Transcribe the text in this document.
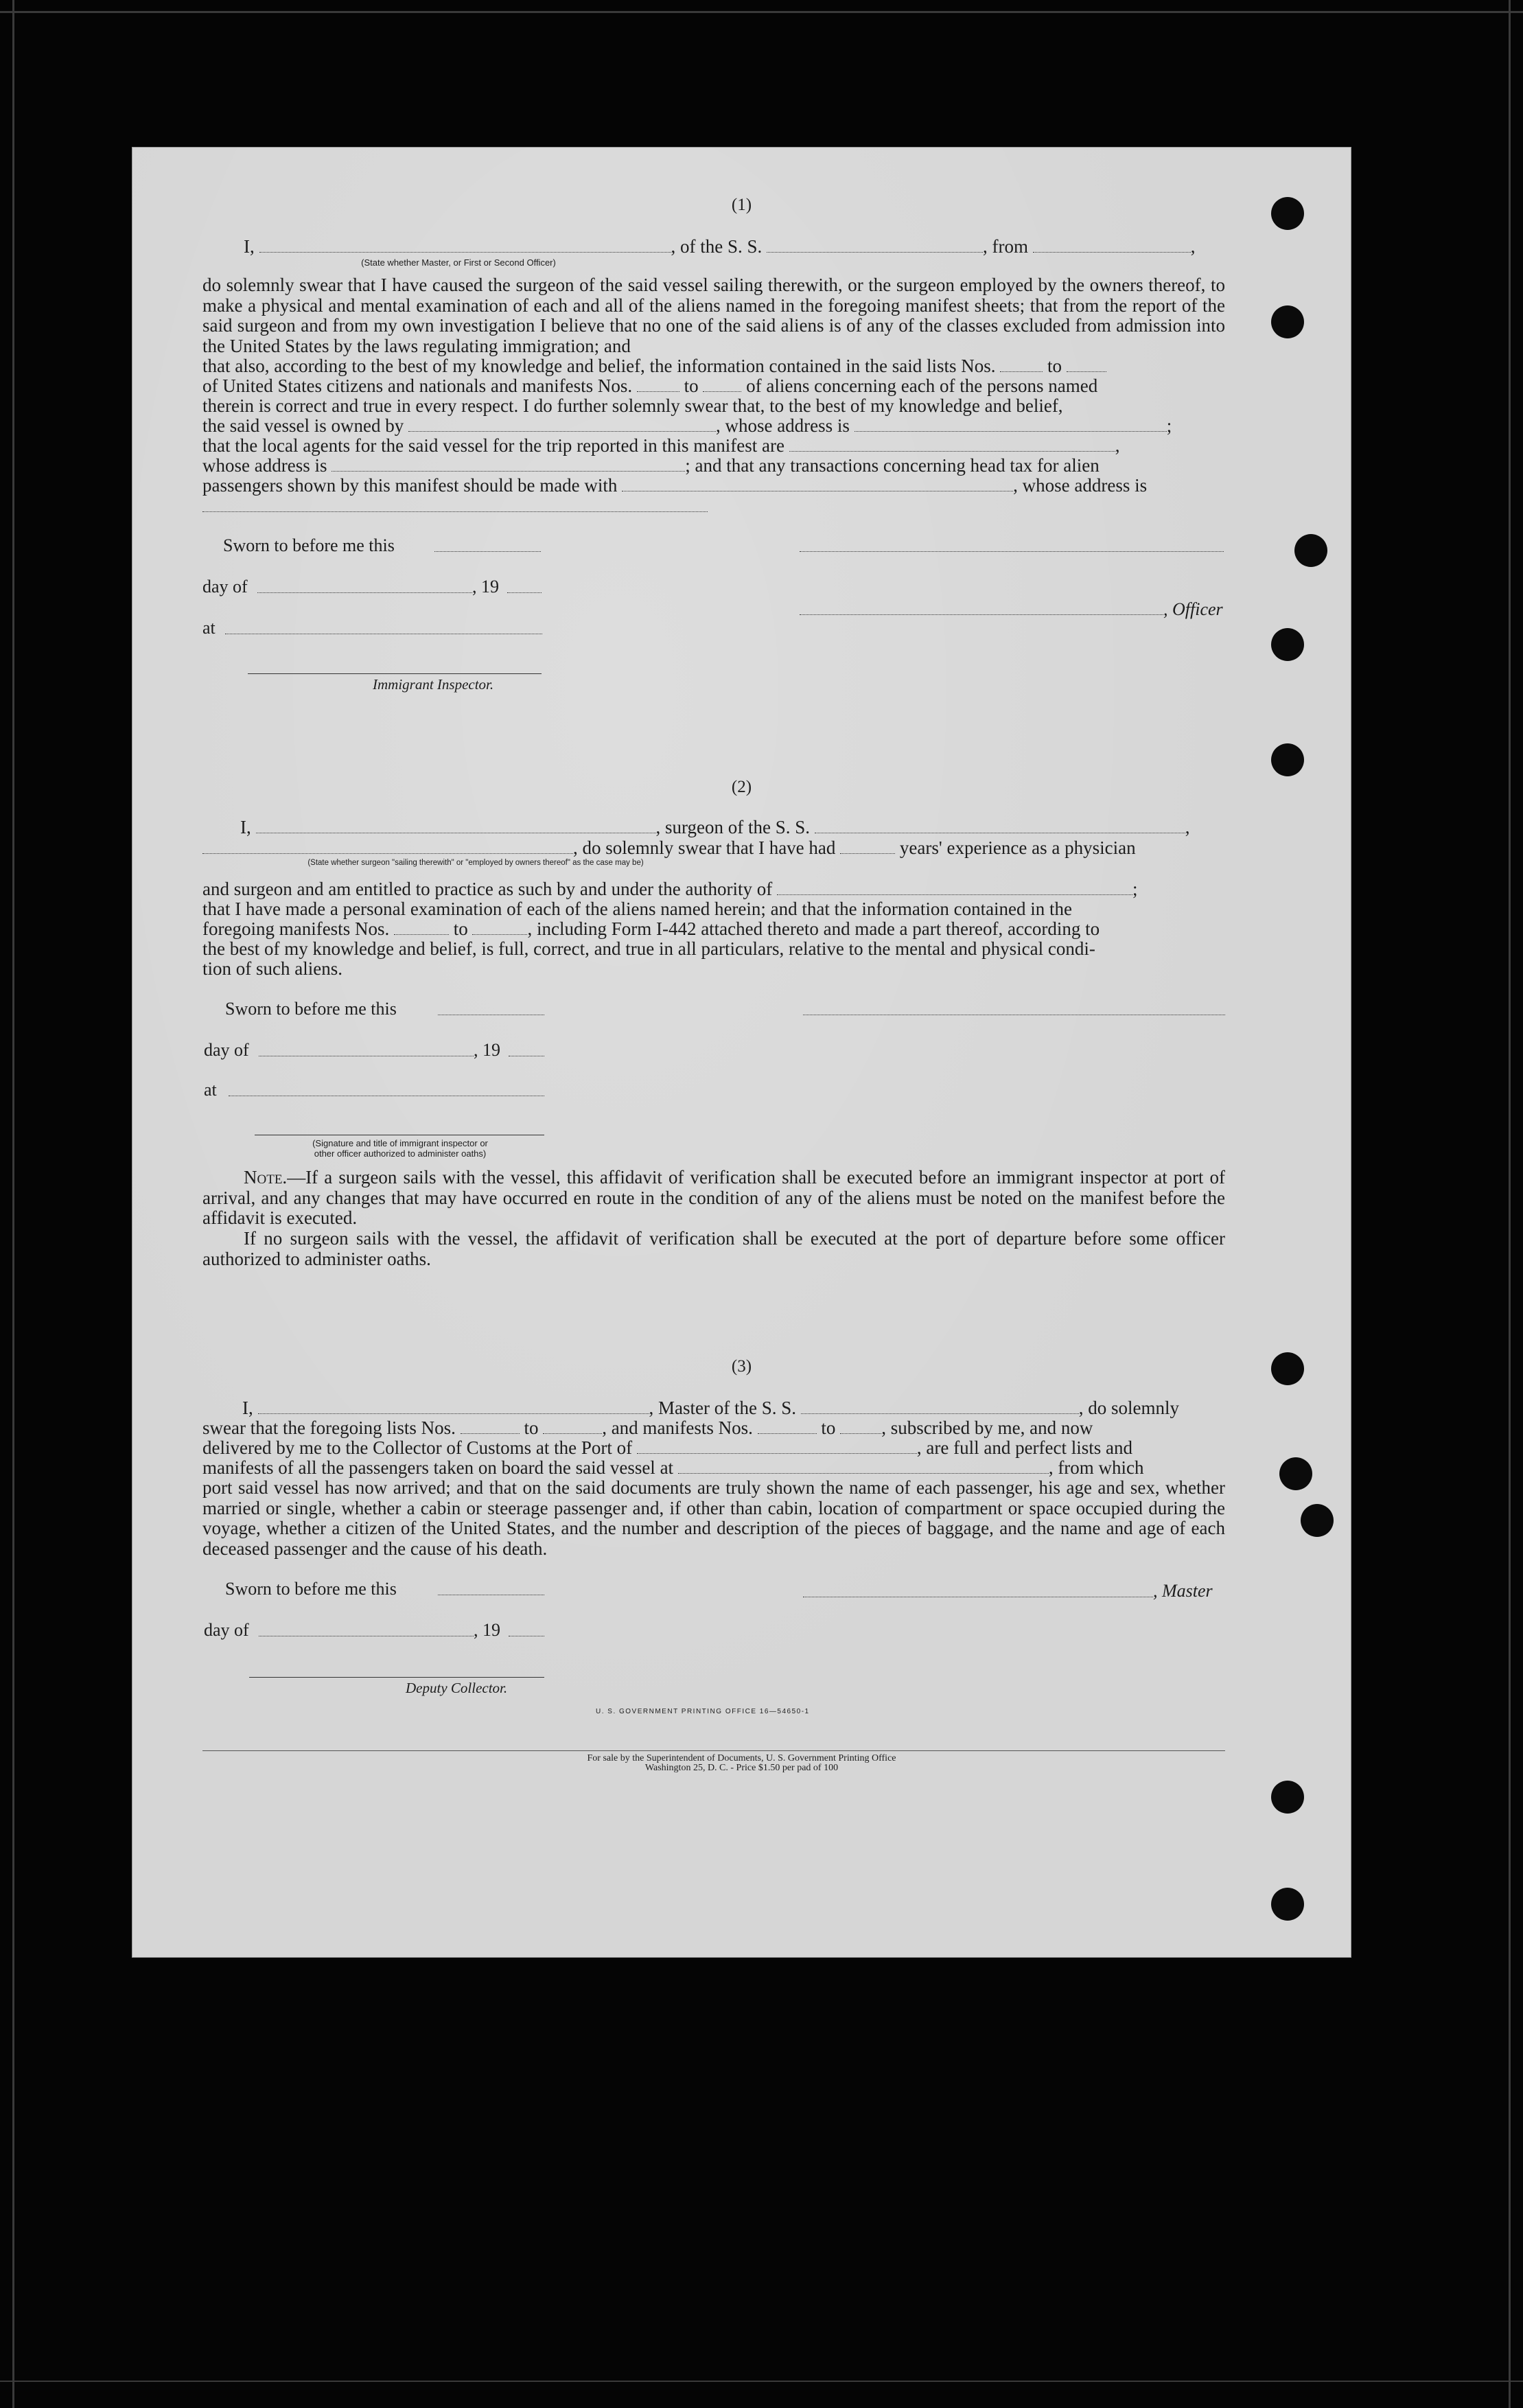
(1)
I,	, of the S. S.	, from	,
(State whether Master, or First or Second Officer)
do solemnly swear that I have caused the surgeon of the said vessel sailing therewith, or the surgeon employed by the owners thereof, to make a physical and mental examination of each and all of the aliens named in the foregoing manifest sheets; that from the report of the said surgeon and from my own investigation I believe that no one of the said aliens is of any of the classes excluded from admission into the United States by the laws regulating immigration; and
that also, according to the best of my knowledge and belief, the information contained in the said lists Nos.	to
of United States citizens and nationals and manifests Nos.	to	of aliens concerning each of the persons named
therein is correct and true in every respect. I do further solemnly swear that, to the best of my knowledge and belief,
the said vessel is owned by	, whose address is	;
that the local agents for the said vessel for the trip reported in this manifest are	,
whose address is	; and that any transactions concerning head tax for alien
passengers shown by this manifest should be made with	, whose address is
Sworn to before me this
day of	, 19
, Officer
at
Immigrant Inspector.
(2)
I,	, surgeon of the S. S.	,
, do solemnly swear that I have had	years' experience as a physician
(State whether surgeon "sailing therewith" or "employed by owners thereof" as the case may be)
and surgeon and am entitled to practice as such by and under the authority of	;
that I have made a personal examination of each of the aliens named herein; and that the information contained in the
foregoing manifests Nos.	to	, including Form I-442 attached thereto and made a part thereof, according to
the best of my knowledge and belief, is full, correct, and true in all particulars, relative to the mental and physical condi-
tion of such aliens.
Sworn to before me this
day of	, 19
at
(Signature and title of immigrant inspector or
other officer authorized to administer oaths)
Note.—If a surgeon sails with the vessel, this affidavit of verification shall be executed before an immigrant inspector at port of arrival, and any changes that may have occurred en route in the condition of any of the aliens must be noted on the manifest before the affidavit is executed.
If no surgeon sails with the vessel, the affidavit of verification shall be executed at the port of departure before some officer authorized to administer oaths.
(3)
I,	, Master of the S. S.	, do solemnly
swear that the foregoing lists Nos.	to	, and manifests Nos.	to , subscribed by me, and now
delivered by me to the Collector of Customs at the Port of	, are full and perfect lists and
manifests of all the passengers taken on board the said vessel at	, from which
port said vessel has now arrived; and that on the said documents are truly shown the name of each passenger, his age and sex, whether married or single, whether a cabin or steerage passenger and, if other than cabin, location of compartment or space occupied during the voyage, whether a citizen of the United States, and the number and description of the pieces of baggage, and the name and age of each deceased passenger and the cause of his death.
Sworn to before me this	, Master
day of	, 19
Deputy Collector.
U. S. GOVERNMENT PRINTING OFFICE 16—54650-1
For sale by the Superintendent of Documents, U. S. Government Printing Office
Washington 25, D. C. - Price $1.50 per pad of 100
